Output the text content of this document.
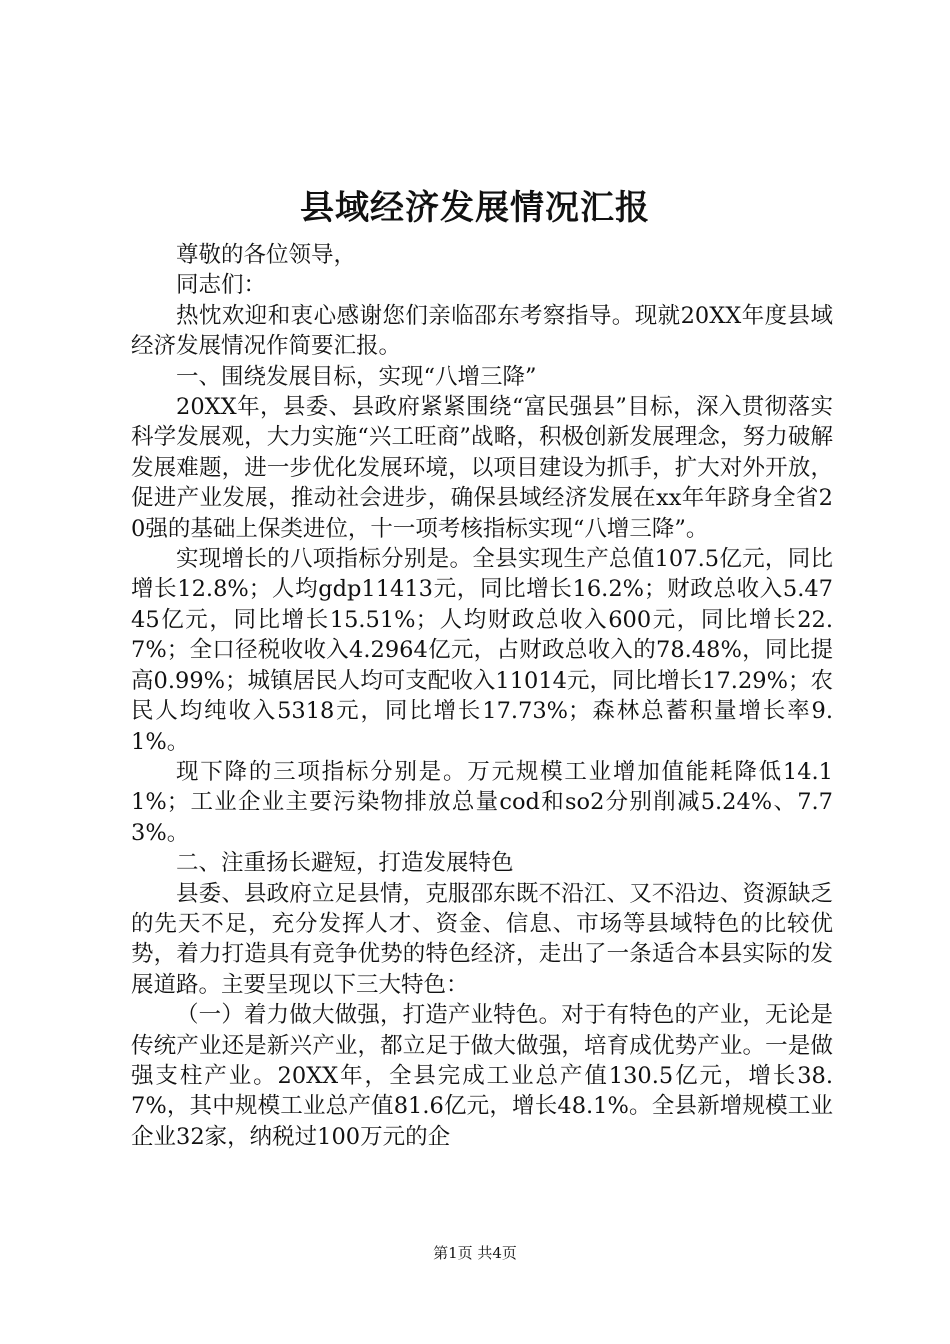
县域经济发展情况汇报

尊敬的各位领导，

同志们：

热忱欢迎和衷心感谢您们亲临邵东考察指导。现就20XX年度县域经济发展情况作简要汇报。

一、围绕发展目标，实现“八增三降”

20XX年，县委、县政府紧紧围绕“富民强县”目标，深入贯彻落实科学发展观，大力实施“兴工旺商”战略，积极创新发展理念，努力破解发展难题，进一步优化发展环境，以项目建设为抓手，扩大对外开放，促进产业发展，推动社会进步，确保县域经济发展在xx年年跻身全省20强的基础上保类进位，十一项考核指标实现“八增三降”。

实现增长的八项指标分别是。全县实现生产总值107.5亿元，同比增长12.8%；人均gdp11413元，同比增长16.2%；财政总收入5.4745亿元，同比增长15.51%；人均财政总收入600元，同比增长22.7%；全口径税收收入4.2964亿元，占财政总收入的78.48%，同比提高0.99%；城镇居民人均可支配收入11014元，同比增长17.29%；农民人均纯收入5318元，同比增长17.73%；森林总蓄积量增长率9.1%。

现下降的三项指标分别是。万元规模工业增加值能耗降低14.11%；工业企业主要污染物排放总量cod和so2分别削减5.24%、7.73%。

二、注重扬长避短，打造发展特色

县委、县政府立足县情，克服邵东既不沿江、又不沿边、资源缺乏的先天不足，充分发挥人才、资金、信息、市场等县域特色的比较优势，着力打造具有竞争优势的特色经济，走出了一条适合本县实际的发展道路。主要呈现以下三大特色：

（一）着力做大做强，打造产业特色。对于有特色的产业，无论是传统产业还是新兴产业，都立足于做大做强，培育成优势产业。一是做强支柱产业。20XX年，全县完成工业总产值130.5亿元，增长38.7%，其中规模工业总产值81.6亿元，增长48.1%。全县新增规模工业企业32家，纳税过100万元的企

第1页 共4页
